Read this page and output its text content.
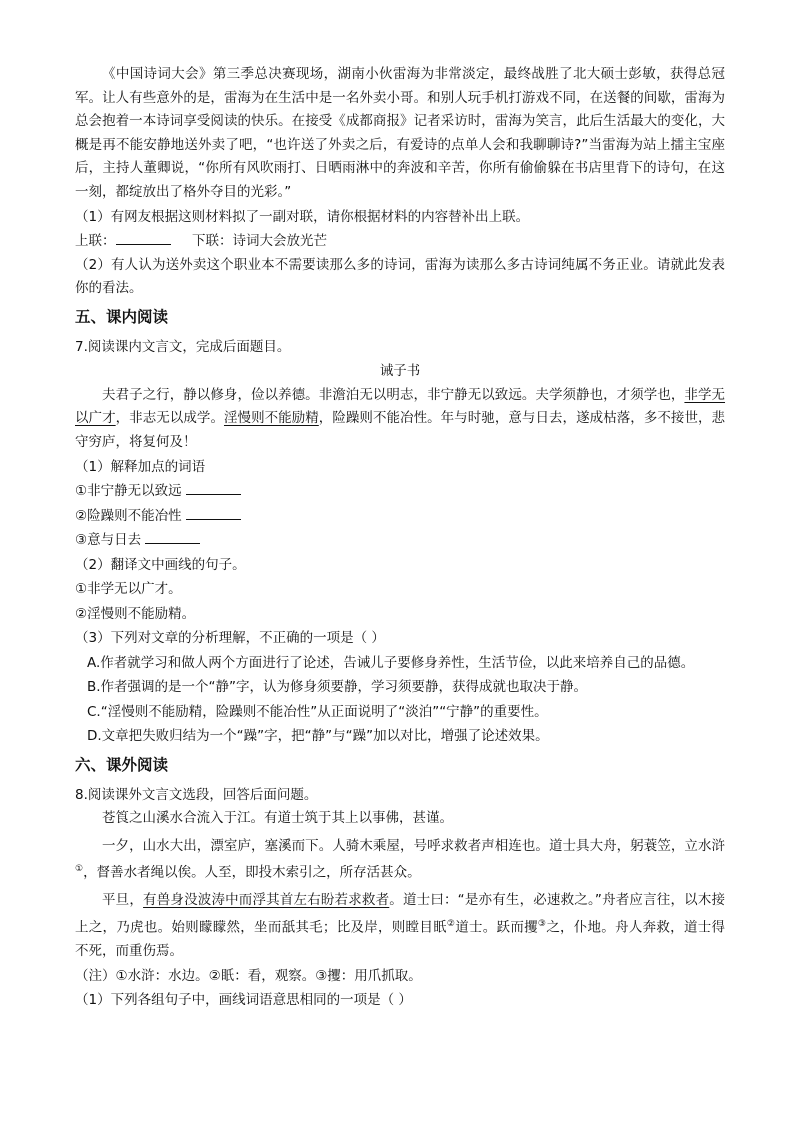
《中国诗词大会》第三季总决赛现场，湖南小伙雷海为非常淡定，最终战胜了北大硕士彭敏，获得总冠军。让人有些意外的是，雷海为在生活中是一名外卖小哥。和别人玩手机打游戏不同，在送餐的间歇，雷海为总会抱着一本诗词享受阅读的快乐。在接受《成都商报》记者采访时，雷海为笑言，此后生活最大的变化，大概是再不能安静地送外卖了吧，“也许送了外卖之后，有爱诗的点单人会和我聊聊诗?”当雷海为站上擂主宝座后，主持人董卿说，“你所有风吹雨打、日晒雨淋中的奔波和辛苦，你所有偷偷躲在书店里背下的诗句，在这一刻，都绽放出了格外夺目的光彩。”

（1）有网友根据这则材料拟了一副对联，请你根据材料的内容替补出上联。

上联：	下联：诗词大会放光芒

（2）有人认为送外卖这个职业本不需要读那么多的诗词，雷海为读那么多古诗词纯属不务正业。请就此发表你的看法。

五、课内阅读

7.阅读课内文言文，完成后面题目。

诫子书

夫君子之行，静以修身，俭以养德。非澹泊无以明志，非宁静无以致远。夫学须静也，才须学也，非学无以广才，非志无以成学。淫慢则不能励精，险躁则不能冶性。年与时驰，意与日去，遂成枯落，多不接世，悲守穷庐，将复何及！

（1）解释加点的词语

①非宁静无以致远

②险躁则不能冶性

③意与日去

（2）翻译文中画线的句子。

①非学无以广才。

②淫慢则不能励精。

（3）下列对文章的分析理解，不正确的一项是（ ）

A.作者就学习和做人两个方面进行了论述，告诫儿子要修身养性，生活节俭，以此来培养自己的品德。

B.作者强调的是一个“静”字，认为修身须要静，学习须要静，获得成就也取决于静。

C.“淫慢则不能励精，险躁则不能冶性”从正面说明了“淡泊”“宁静”的重要性。

D.文章把失败归结为一个“躁”字，把“静”与“躁”加以对比，增强了论述效果。

六、课外阅读

8.阅读课外文言文选段，回答后面问题。

苍筤之山溪水合流入于江。有道士筑于其上以事佛，甚谨。

一夕，山水大出，漂室庐，塞溪而下。人骑木乘屋，号呼求救者声相连也。道士具大舟，躬蓑笠，立水浒①，督善水者绳以俟。人至，即投木索引之，所存活甚众。

平旦，有兽身没波涛中而浮其首左右盼若求救者。道士曰：“是亦有生，必速救之。”舟者应言往，以木接上之，乃虎也。始则矇矇然，坐而舐其毛；比及岸，则瞠目眂②道士。跃而攫③之，仆地。舟人奔救，道士得不死，而重伤焉。

（注）①水浒：水边。②眂：看，观察。③攫：用爪抓取。

（1）下列各组句子中，画线词语意思相同的一项是（ ）
